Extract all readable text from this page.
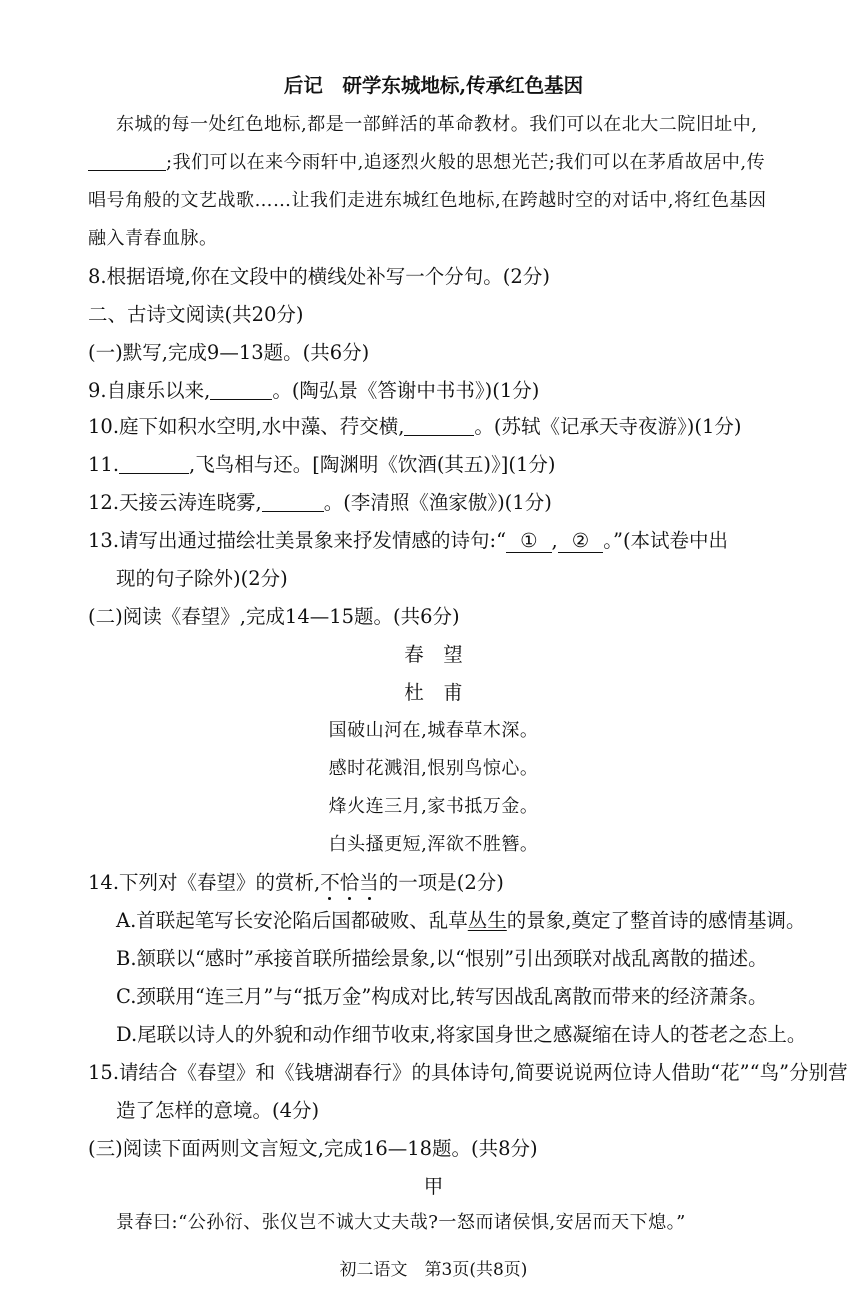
后记　研学东城地标,传承红色基因
东城的每一处红色地标,都是一部鲜活的革命教材。我们可以在北大二院旧址中,
;我们可以在来今雨轩中,追逐烈火般的思想光芒;我们可以在茅盾故居中,传
唱号角般的文艺战歌……让我们走进东城红色地标,在跨越时空的对话中,将红色基因
融入青春血脉。
8.根据语境,你在文段中的横线处补写一个分句。(2分)
二、古诗文阅读(共20分)
(一)默写,完成9—13题。(共6分)
9.自康乐以来,	。(陶弘景《答谢中书书》)(1分)
10.庭下如积水空明,水中藻、荇交横,	。(苏轼《记承天寺夜游》)(1分)
11.	,飞鸟相与还。[陶渊明《饮酒(其五)》](1分)
12.天接云涛连晓雾,	。(李清照《渔家傲》)(1分)
13.请写出通过描绘壮美景象来抒发情感的诗句:“ ① , ② 。”(本试卷中出
现的句子除外)(2分)
(二)阅读《春望》,完成14—15题。(共6分)
春　望
杜　甫
国破山河在,城春草木深。
感时花溅泪,恨别鸟惊心。
烽火连三月,家书抵万金。
白头搔更短,浑欲不胜簪。
14.下列对《春望》的赏析,不恰当的一项是(2分)
A.首联起笔写长安沦陷后国都破败、乱草丛生的景象,奠定了整首诗的感情基调。
B.颔联以“感时”承接首联所描绘景象,以“恨别”引出颈联对战乱离散的描述。
C.颈联用“连三月”与“抵万金”构成对比,转写因战乱离散而带来的经济萧条。
D.尾联以诗人的外貌和动作细节收束,将家国身世之感凝缩在诗人的苍老之态上。
15.请结合《春望》和《钱塘湖春行》的具体诗句,简要说说两位诗人借助“花”“鸟”分别营
造了怎样的意境。(4分)
(三)阅读下面两则文言短文,完成16—18题。(共8分)
甲
景春曰:“公孙衍、张仪岂不诚大丈夫哉?一怒而诸侯惧,安居而天下熄。”
初二语文　第3页(共8页)
